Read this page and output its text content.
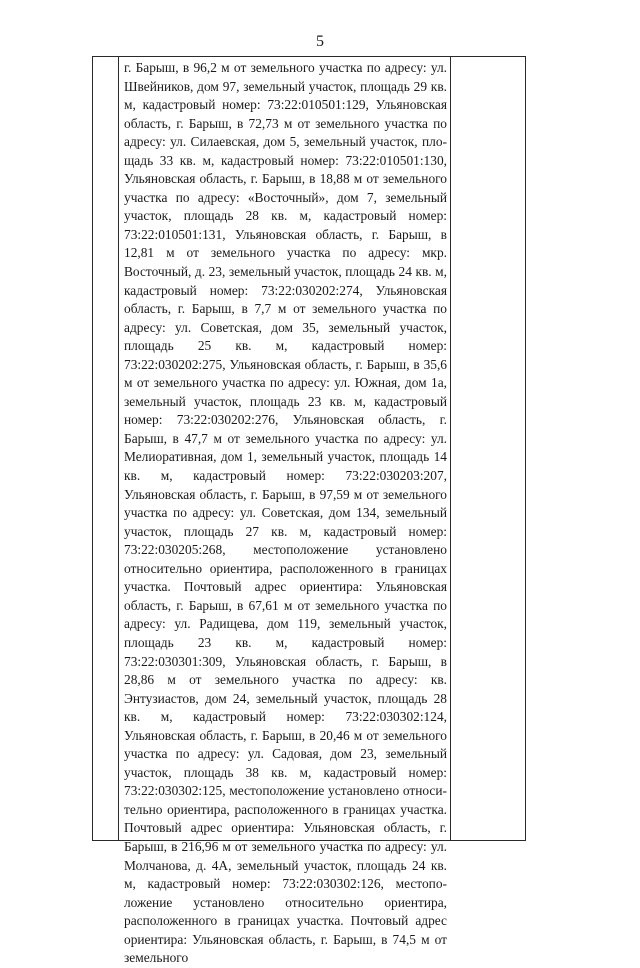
5

г. Барыш, в 96,2 м от земельного участка по адресу: ул. Швейников, дом 97, земельный участок, площадь 29 кв. м, кадастровый номер: 73:22:010501:129, Ульяновская область, г. Барыш, в 72,73 м от земельного участка по адресу: ул. Силаевская, дом 5, земельный участок, площадь 33 кв. м, кадастровый номер: 73:22:010501:130, Ульяновская область, г. Барыш, в 18,88 м от земельного участка по адресу: «Восточный», дом 7, земельный участок, площадь 28 кв. м, кадастровый номер: 73:22:010501:131, Ульяновская область, г. Барыш, в 12,81 м от земельного участка по адресу: мкр. Восточный, д. 23, земельный участок, площадь 24 кв. м, кадастровый номер: 73:22:030202:274, Ульяновская область, г. Барыш, в 7,7 м от земельного участка по адресу: ул. Советская, дом 35, земельный участок, площадь 25 кв. м, кадастровый номер: 73:22:030202:275, Ульяновская область, г. Барыш, в 35,6 м от земельного участка по адресу: ул. Южная, дом 1а, земельный участок, площадь 23 кв. м, кадастровый номер: 73:22:030202:276, Ульяновская область, г. Барыш, в 47,7 м от земельного участка по адресу: ул. Мелиоративная, дом 1, земельный участок, площадь 14 кв. м, кадастровый номер: 73:22:030203:207, Ульяновская область, г. Барыш, в 97,59 м от земельного участка по адресу: ул. Советская, дом 134, земельный участок, площадь 27 кв. м, кадастровый номер: 73:22:030205:268, местоположение установлено относительно ориентира, расположенного в границах участка. Почтовый адрес ориентира: Ульяновская область, г. Барыш, в 67,61 м от земельного участка по адресу: ул. Радищева, дом 119, земельный участок, площадь 23 кв. м, кадастровый номер: 73:22:030301:309, Ульяновская область, г. Барыш, в 28,86 м от земельного участка по адресу: кв. Энтузиастов, дом 24, земельный участок, площадь 28 кв. м, кадастровый номер: 73:22:030302:124, Ульяновская область, г. Барыш, в 20,46 м от земельного участка по адресу: ул. Садовая, дом 23, земельный участок, площадь 38 кв. м, кадастровый номер: 73:22:030302:125, местоположение установлено относительно ориентира, расположенного в границах участка. Почтовый адрес ориентира: Ульяновская область, г. Барыш, в 216,96 м от земельного участка по адресу: ул. Молчанова, д. 4А, земельный участок, площадь 24 кв. м, кадастровый номер: 73:22:030302:126, местоположение установлено относительно ориентира, расположенного в границах участка. Почтовый адрес ориентира: Ульяновская область, г. Барыш, в 74,5 м от земельного
